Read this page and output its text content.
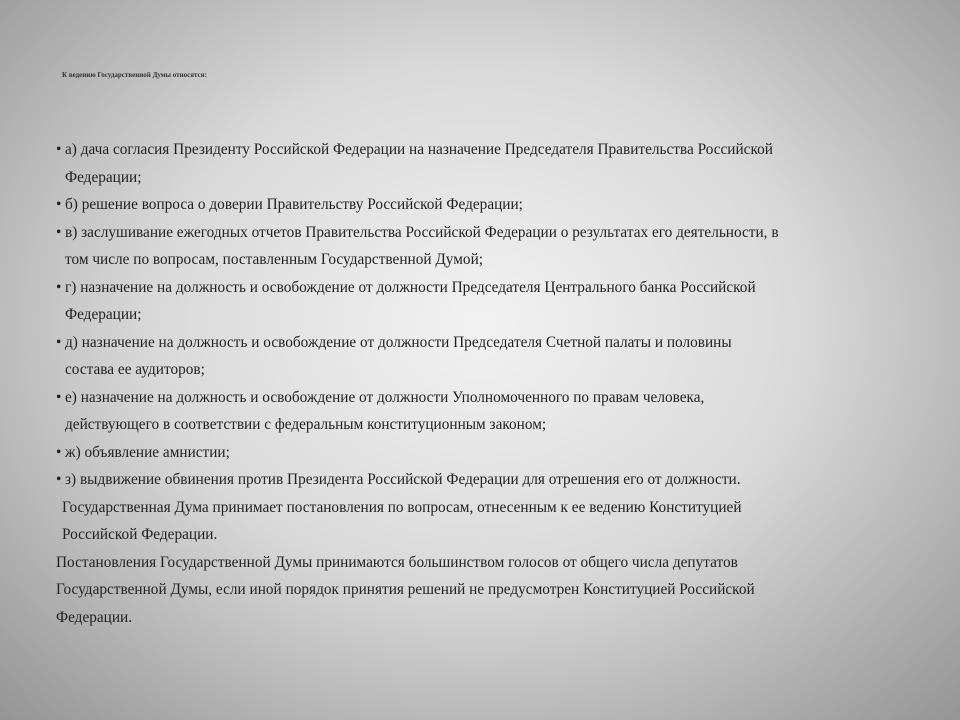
К ведению Государственной Думы относятся:
• а) дача согласия Президенту Российской Федерации на назначение Председателя Правительства Российской
Федерации;
• б) решение вопроса о доверии Правительству Российской Федерации;
• в) заслушивание ежегодных отчетов Правительства Российской Федерации о результатах его деятельности, в
том числе по вопросам, поставленным Государственной Думой;
• г) назначение на должность и освобождение от должности Председателя Центрального банка Российской
Федерации;
• д) назначение на должность и освобождение от должности Председателя Счетной палаты и половины
состава ее аудиторов;
• е) назначение на должность и освобождение от должности Уполномоченного по правам человека,
действующего в соответствии с федеральным конституционным законом;
• ж) объявление амнистии;
• з) выдвижение обвинения против Президента Российской Федерации для отрешения его от должности.
Государственная Дума принимает постановления по вопросам, отнесенным к ее ведению Конституцией
Российской Федерации.
Постановления Государственной Думы принимаются большинством голосов от общего числа депутатов
Государственной Думы, если иной порядок принятия решений не предусмотрен Конституцией Российской
Федерации.
